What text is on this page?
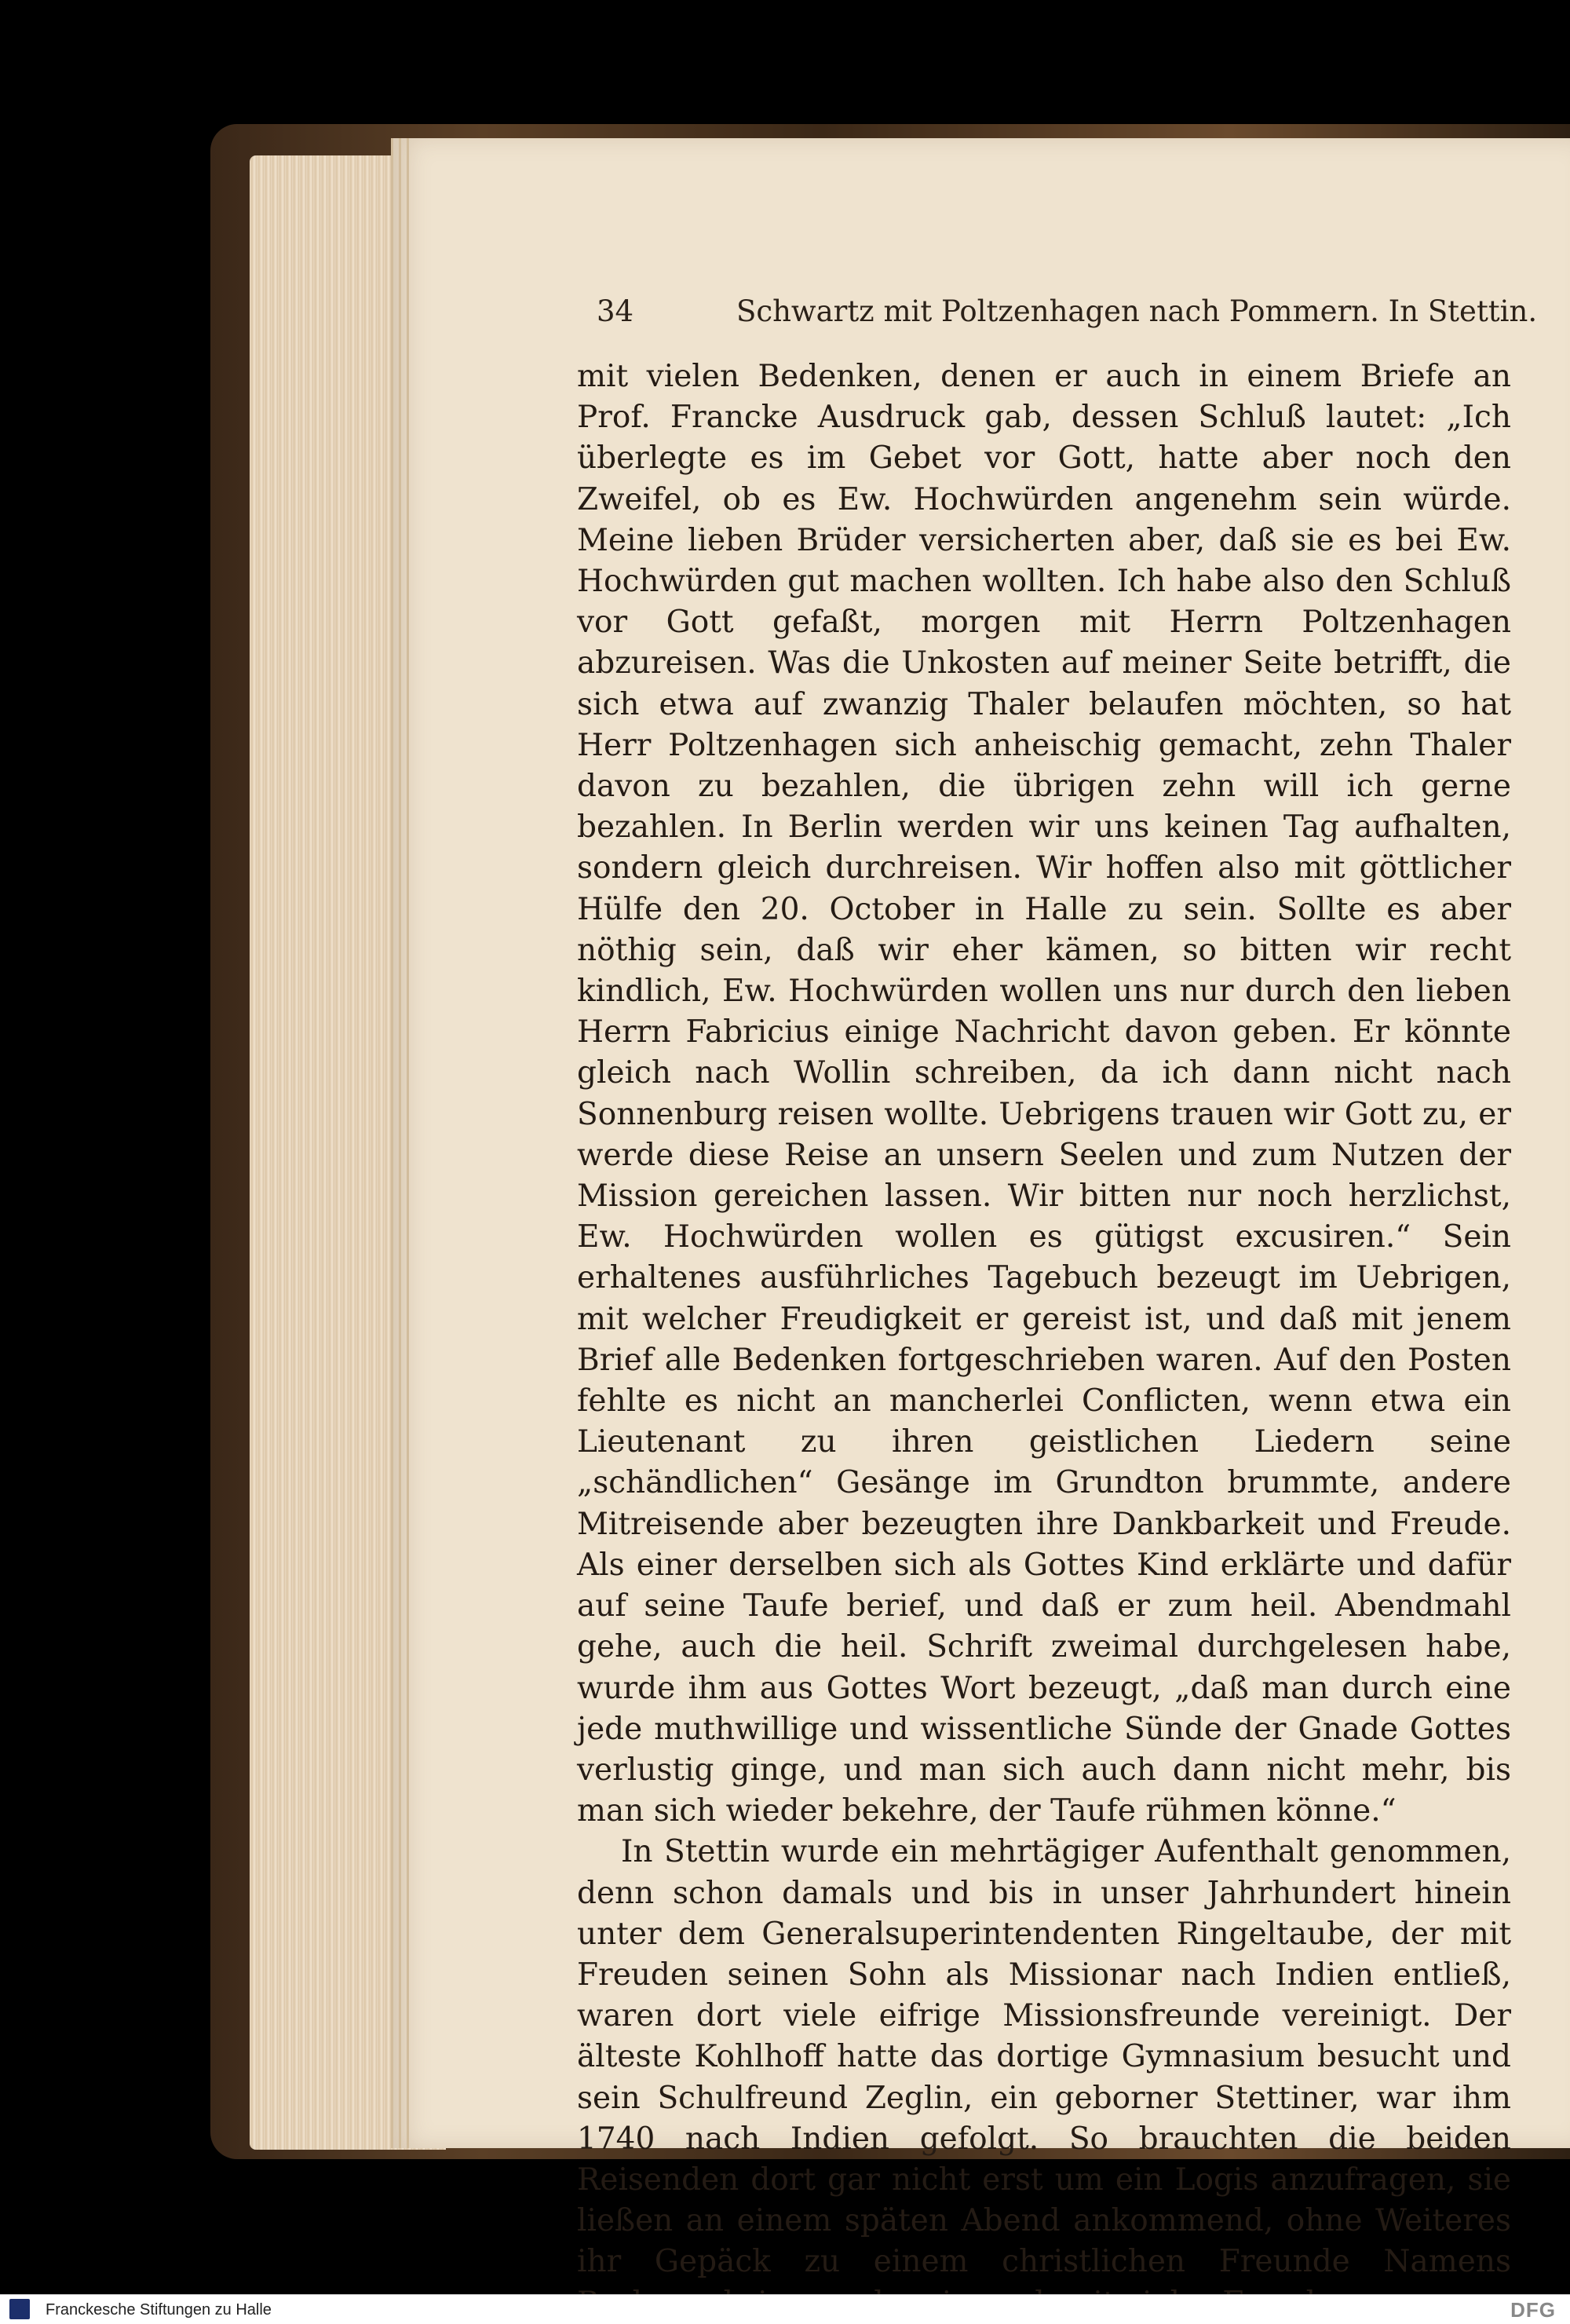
34	Schwartz mit Poltzenhagen nach Pommern. In Stettin.

mit vielen Bedenken, denen er auch in einem Briefe an Prof. Francke Ausdruck gab, dessen Schluß lautet: „Ich überlegte es im Gebet vor Gott, hatte aber noch den Zweifel, ob es Ew. Hochwürden angenehm sein würde. Meine lieben Brüder versicherten aber, daß sie es bei Ew. Hochwürden gut machen wollten. Ich habe also den Schluß vor Gott gefaßt, morgen mit Herrn Poltzenhagen abzureisen. Was die Unkosten auf meiner Seite betrifft, die sich etwa auf zwanzig Thaler belaufen möchten, so hat Herr Poltzenhagen sich anheischig gemacht, zehn Thaler davon zu bezahlen, die übrigen zehn will ich gerne bezahlen. In Berlin werden wir uns keinen Tag aufhalten, sondern gleich durchreisen. Wir hoffen also mit göttlicher Hülfe den 20. October in Halle zu sein. Sollte es aber nöthig sein, daß wir eher kämen, so bitten wir recht kindlich, Ew. Hochwürden wollen uns nur durch den lieben Herrn Fabricius einige Nachricht davon geben. Er könnte gleich nach Wollin schreiben, da ich dann nicht nach Sonnenburg reisen wollte. Uebrigens trauen wir Gott zu, er werde diese Reise an unsern Seelen und zum Nutzen der Mission gereichen lassen. Wir bitten nur noch herzlichst, Ew. Hochwürden wollen es gütigst excusiren.“ Sein erhaltenes ausführliches Tagebuch bezeugt im Uebrigen, mit welcher Freudigkeit er gereist ist, und daß mit jenem Brief alle Bedenken fortgeschrieben waren. Auf den Posten fehlte es nicht an mancherlei Conflicten, wenn etwa ein Lieutenant zu ihren geistlichen Liedern seine „schändlichen“ Gesänge im Grundton brummte, andere Mitreisende aber bezeugten ihre Dankbarkeit und Freude. Als einer derselben sich als Gottes Kind erklärte und dafür auf seine Taufe berief, und daß er zum heil. Abendmahl gehe, auch die heil. Schrift zweimal durchgelesen habe, wurde ihm aus Gottes Wort bezeugt, „daß man durch eine jede muthwillige und wissentliche Sünde der Gnade Gottes verlustig ginge, und man sich auch dann nicht mehr, bis man sich wieder bekehre, der Taufe rühmen könne.“

In Stettin wurde ein mehrtägiger Aufenthalt genommen, denn schon damals und bis in unser Jahrhundert hinein unter dem Generalsuperintendenten Ringeltaube, der mit Freuden seinen Sohn als Missionar nach Indien entließ, waren dort viele eifrige Missionsfreunde vereinigt. Der älteste Kohlhoff hatte das dortige Gymnasium besucht und sein Schulfreund Zeglin, ein geborner Stettiner, war ihm 1740 nach Indien gefolgt. So brauchten die beiden Reisenden dort gar nicht erst um ein Logis anzufragen, sie ließen an einem späten Abend ankommend, ohne Weiteres ihr Gepäck zu einem christlichen Freunde Namens

Franckesche Stiftungen zu Halle	DFG
